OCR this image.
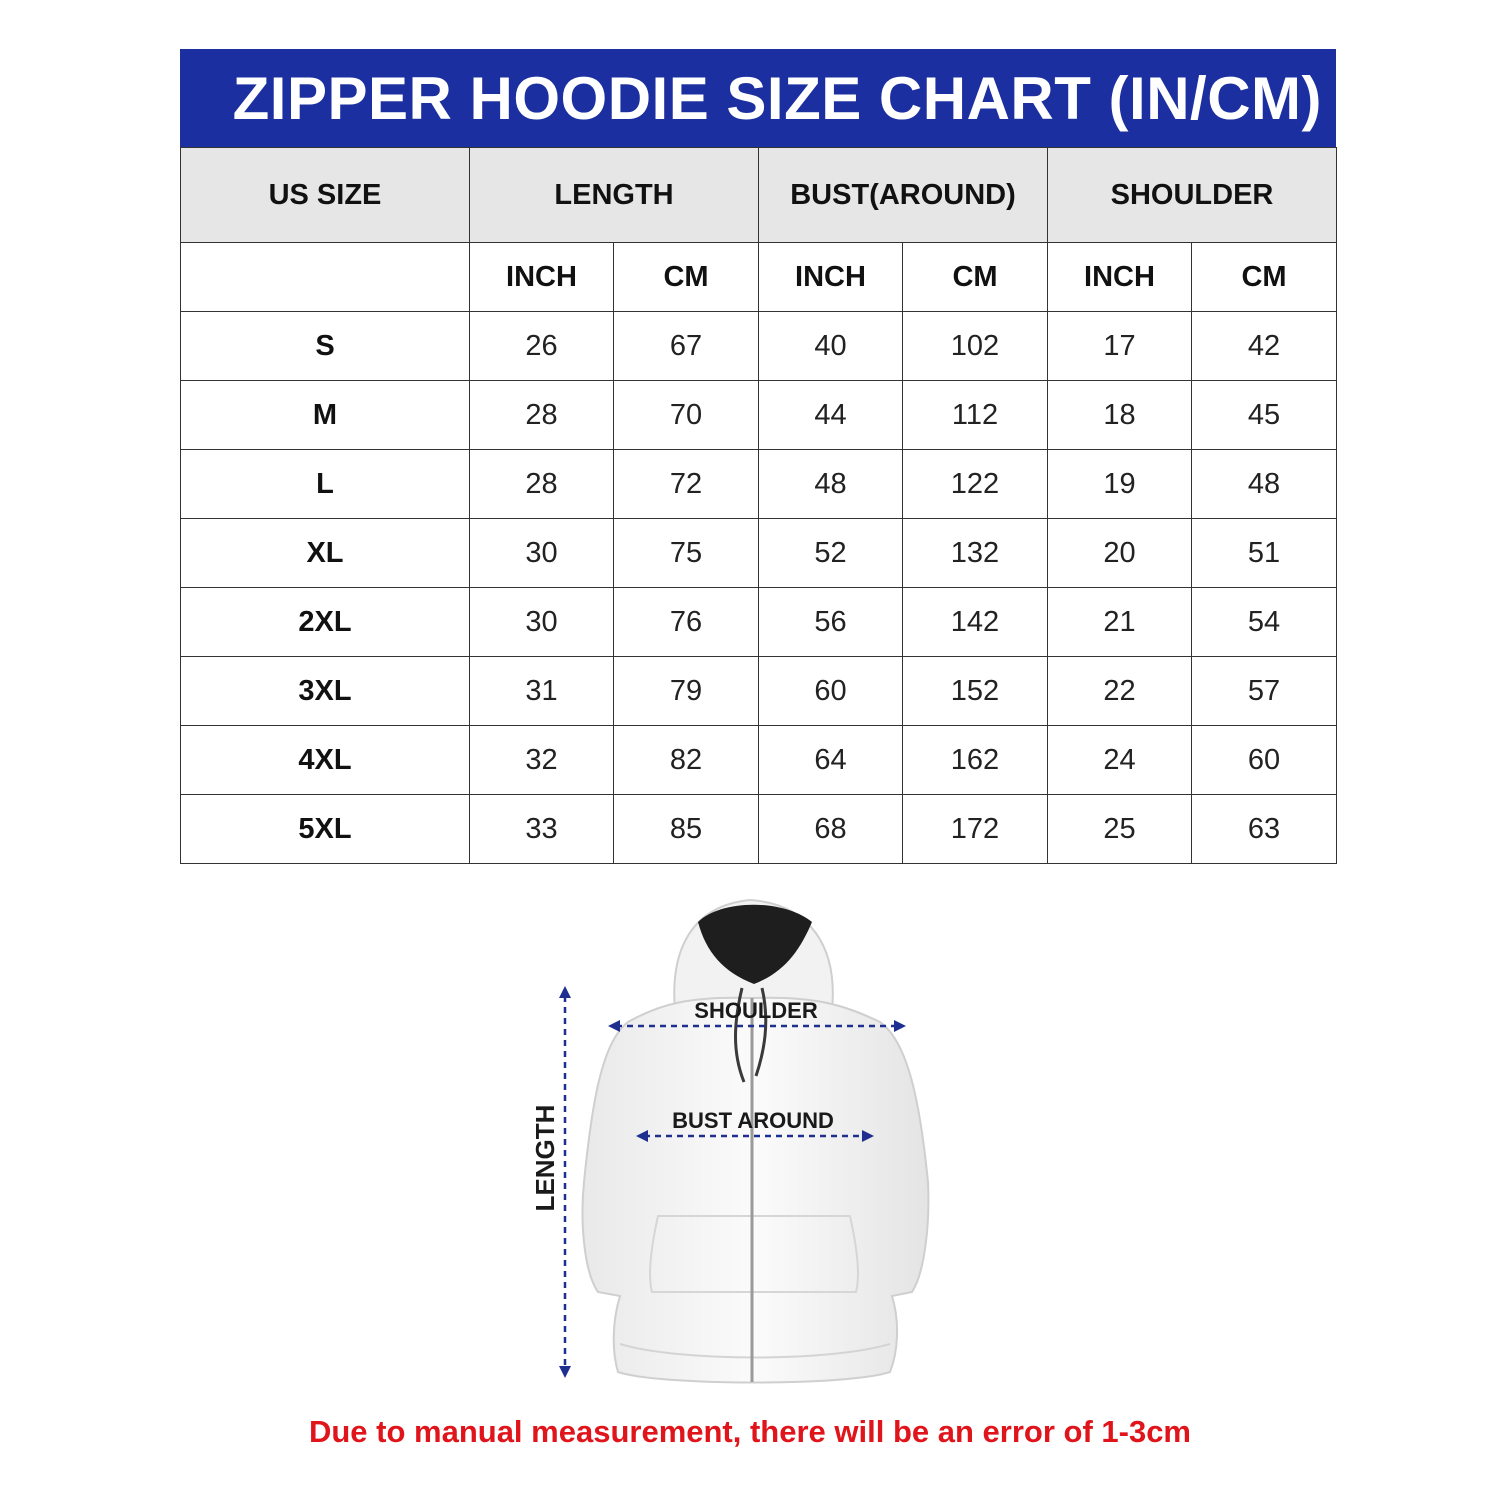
ZIPPER HOODIE SIZE CHART (IN/CM)
US SIZE	LENGTH		BUST(AROUND)		SHOULDER	
	INCH	CM	INCH	CM	INCH	CM
S	26	67	40	102	17	42
M	28	70	44	112	18	45
L	28	72	48	122	19	48
XL	30	75	52	132	20	51
2XL	30	76	56	142	21	54
3XL	31	79	60	152	22	57
4XL	32	82	64	162	24	60
5XL	33	85	68	172	25	63
SHOULDER
BUST AROUND
LENGTH
Due to manual measurement, there will be an error of 1-3cm
